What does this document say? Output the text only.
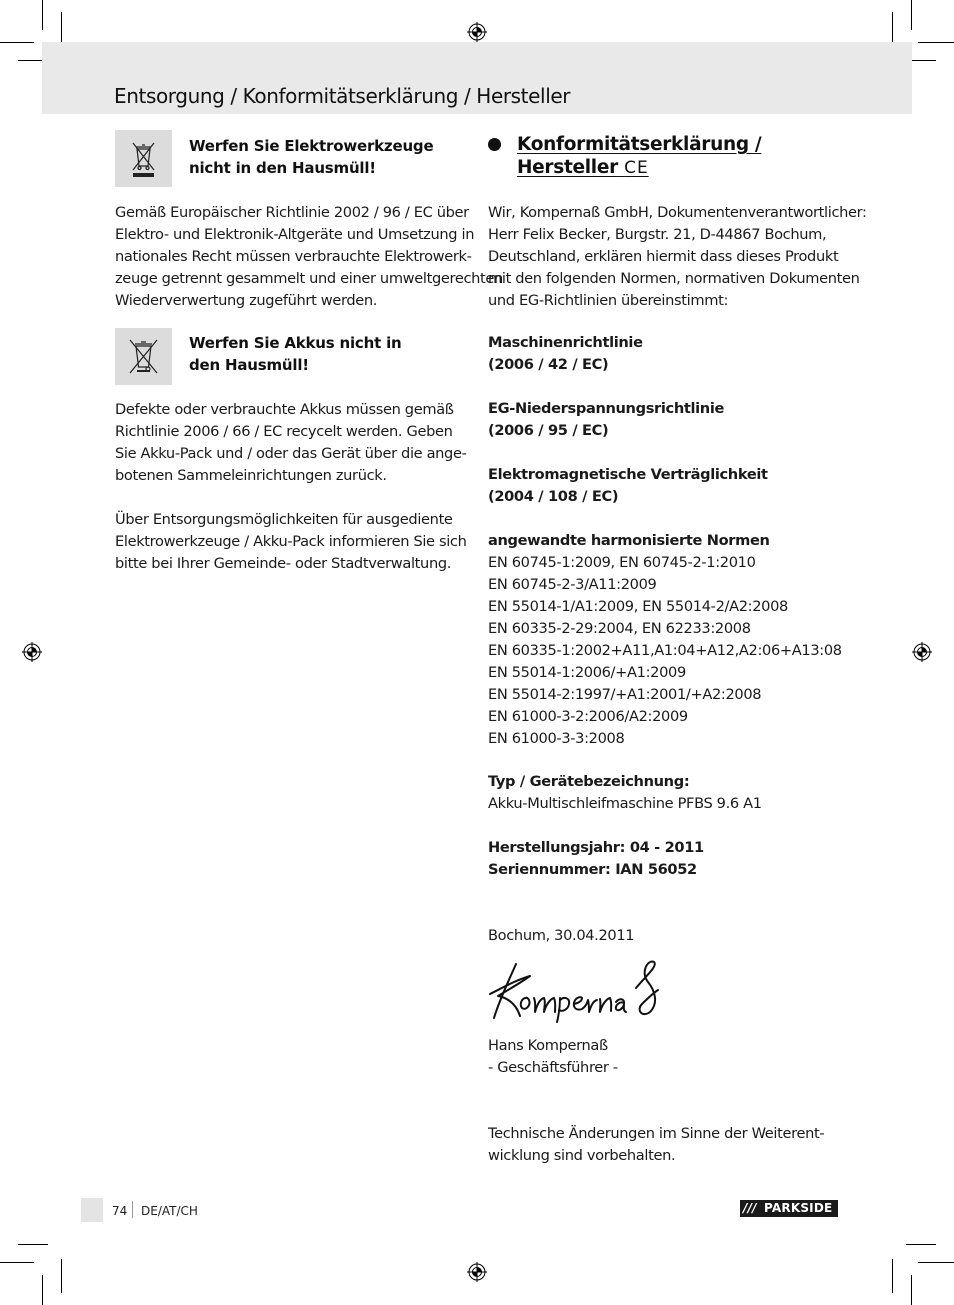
Entsorgung / Konformitätserklärung / Hersteller
Werfen Sie Elektrowerkzeuge
nicht in den Hausmüll!
Gemäß Europäischer Richtlinie 2002 / 96 / EC über
Elektro- und Elektronik-Altgeräte und Umsetzung in
nationales Recht müssen verbrauchte Elektrowerk-
zeuge getrennt gesammelt und einer umweltgerechten
Wiederverwertung zugeführt werden.
Werfen Sie Akkus nicht in
den Hausmüll!
Defekte oder verbrauchte Akkus müssen gemäß
Richtlinie 2006 / 66 / EC recycelt werden. Geben
Sie Akku-Pack und / oder das Gerät über die ange-
botenen Sammeleinrichtungen zurück.
Über Entsorgungsmöglichkeiten für ausgediente
Elektrowerkzeuge / Akku-Pack informieren Sie sich
bitte bei Ihrer Gemeinde- oder Stadtverwaltung.
Konformitätserklärung /
Hersteller CE
Wir, Kompernaß GmbH, Dokumentenverantwortlicher:
Herr Felix Becker, Burgstr. 21, D-44867 Bochum,
Deutschland, erklären hiermit dass dieses Produkt
mit den folgenden Normen, normativen Dokumenten
und EG-Richtlinien übereinstimmt:
Maschinenrichtlinie
(2006 / 42 / EC)
EG-Niederspannungsrichtlinie
(2006 / 95 / EC)
Elektromagnetische Verträglichkeit
(2004 / 108 / EC)
angewandte harmonisierte Normen
EN 60745-1:2009, EN 60745-2-1:2010
EN 60745-2-3/A11:2009
EN 55014-1/A1:2009, EN 55014-2/A2:2008
EN 60335-2-29:2004, EN 62233:2008
EN 60335-1:2002+A11,A1:04+A12,A2:06+A13:08
EN 55014-1:2006/+A1:2009
EN 55014-2:1997/+A1:2001/+A2:2008
EN 61000-3-2:2006/A2:2009
EN 61000-3-3:2008
Typ / Gerätebezeichnung:
Akku-Multischleifmaschine PFBS 9.6 A1
Herstellungsjahr: 04 - 2011
Seriennummer: IAN 56052
Bochum, 30.04.2011
Hans Kompernaß
- Geschäftsführer -
Technische Änderungen im Sinne der Weiterent-
wicklung sind vorbehalten.
74 DE/AT/CH	/// PARKSIDE
